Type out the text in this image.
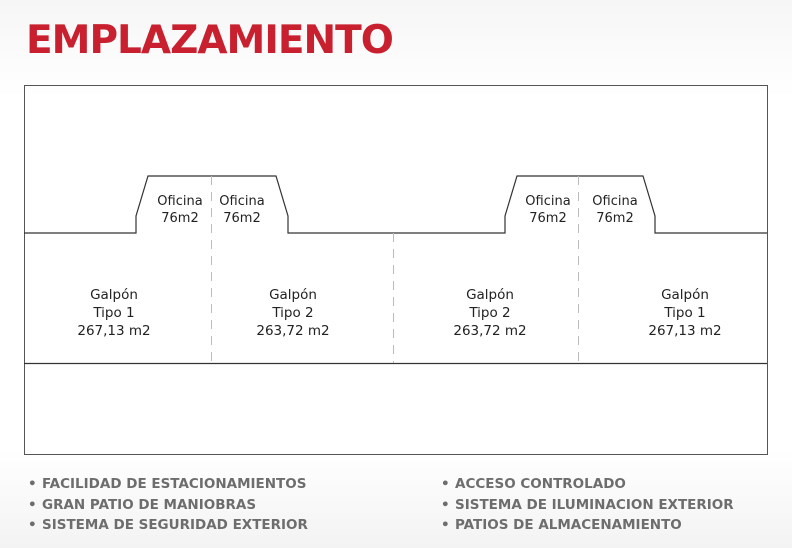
EMPLAZAMIENTO
Oficina
76m2
Oficina
76m2
Oficina
76m2
Oficina
76m2
Galpón
Tipo 1
267,13 m2
Galpón
Tipo 2
263,72 m2
Galpón
Tipo 2
263,72 m2
Galpón
Tipo 1
267,13 m2
• FACILIDAD DE ESTACIONAMIENTOS
• GRAN PATIO DE MANIOBRAS
• SISTEMA DE SEGURIDAD EXTERIOR
• ACCESO CONTROLADO
• SISTEMA DE ILUMINACION EXTERIOR
• PATIOS DE ALMACENAMIENTO
